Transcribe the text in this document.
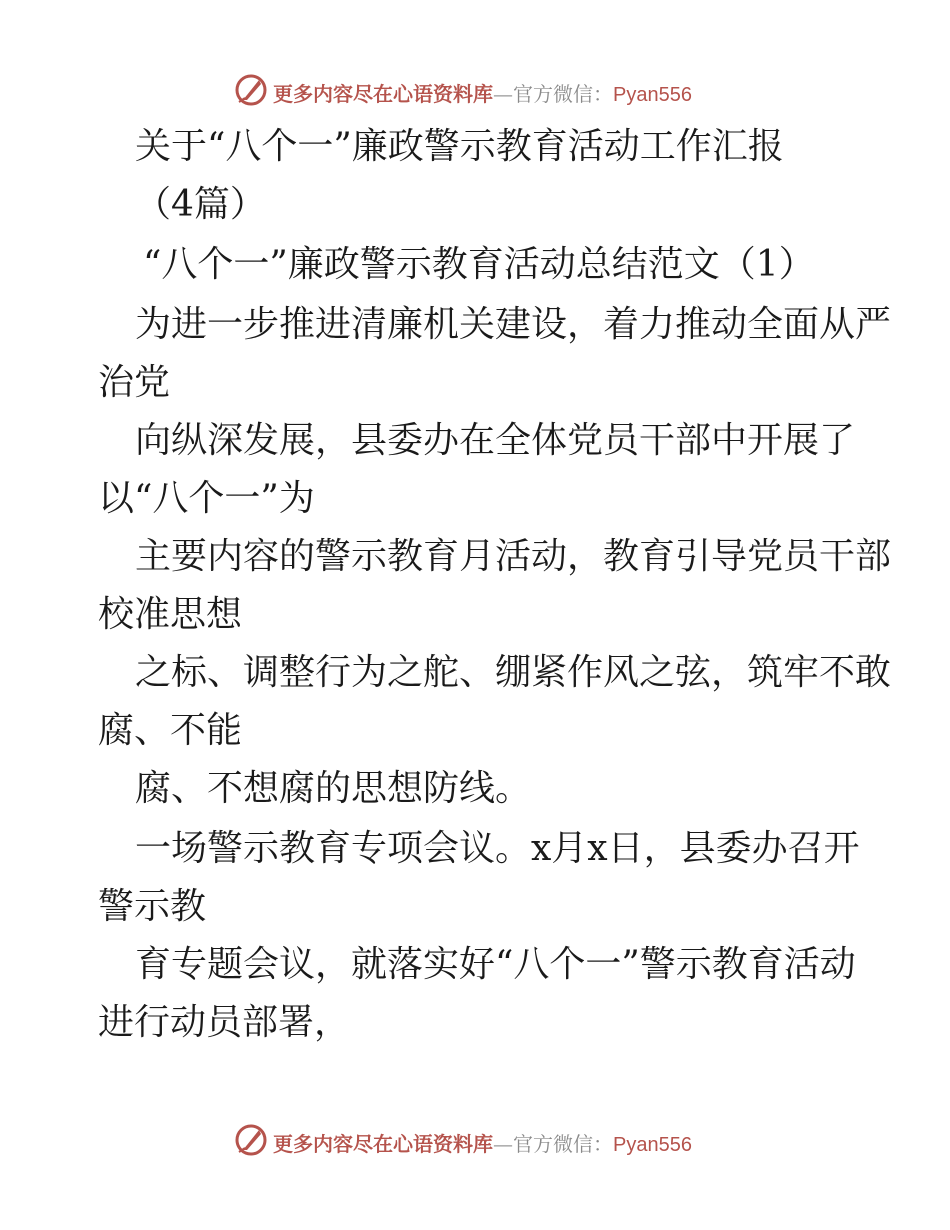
更多内容尽在心语资料库—官方微信：Pyan556
关于“八个一”廉政警示教育活动工作汇报
（4篇）
“八个一”廉政警示教育活动总结范文（1）
为进一步推进清廉机关建设，着力推动全面从严
治党
向纵深发展，县委办在全体党员干部中开展了
以“八个一”为
主要内容的警示教育月活动，教育引导党员干部
校准思想
之标、调整行为之舵、绷紧作风之弦，筑牢不敢
腐、不能
腐、不想腐的思想防线。
一场警示教育专项会议。x月x日，县委办召开
警示教
育专题会议，就落实好“八个一”警示教育活动
进行动员部署，
更多内容尽在心语资料库—官方微信：Pyan556
